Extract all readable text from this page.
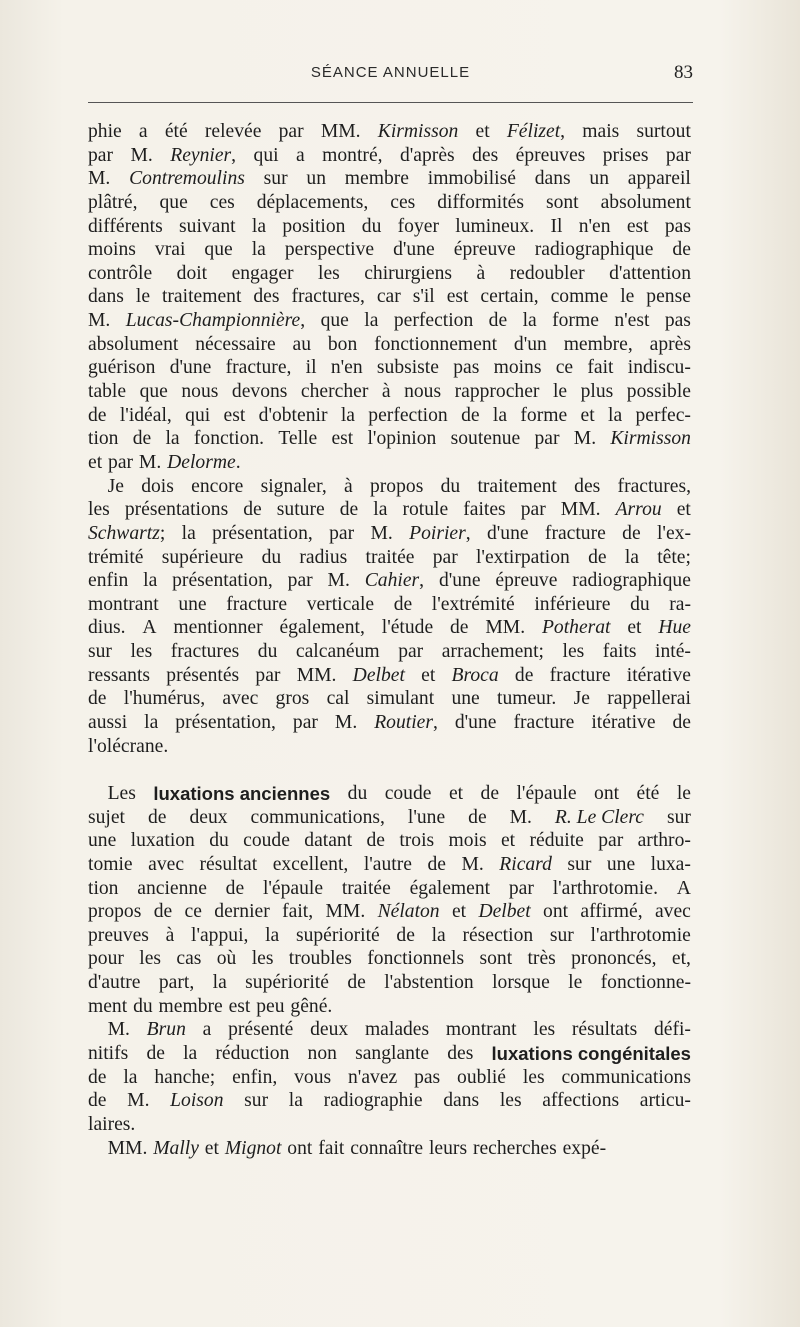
SÉANCE ANNUELLE	83
phie a été relevée par MM. Kirmisson et Félizet, mais surtout
par M. Reynier, qui a montré, d'après des épreuves prises par
M. Contremoulins sur un membre immobilisé dans un appareil
plâtré, que ces déplacements, ces difformités sont absolument
différents suivant la position du foyer lumineux. Il n'en est pas
moins vrai que la perspective d'une épreuve radiographique de
contrôle doit engager les chirurgiens à redoubler d'attention
dans le traitement des fractures, car s'il est certain, comme le pense
M. Lucas-Championnière, que la perfection de la forme n'est pas
absolument nécessaire au bon fonctionnement d'un membre, après
guérison d'une fracture, il n'en subsiste pas moins ce fait indiscu-
table que nous devons chercher à nous rapprocher le plus possible
de l'idéal, qui est d'obtenir la perfection de la forme et la perfec-
tion de la fonction. Telle est l'opinion soutenue par M. Kirmisson
et par M. Delorme.
Je dois encore signaler, à propos du traitement des fractures,
les présentations de suture de la rotule faites par MM. Arrou et
Schwartz; la présentation, par M. Poirier, d'une fracture de l'ex-
trémité supérieure du radius traitée par l'extirpation de la tête;
enfin la présentation, par M. Cahier, d'une épreuve radiographique
montrant une fracture verticale de l'extrémité inférieure du ra-
dius. A mentionner également, l'étude de MM. Potherat et Hue
sur les fractures du calcanéum par arrachement; les faits inté-
ressants présentés par MM. Delbet et Broca de fracture itérative
de l'humérus, avec gros cal simulant une tumeur. Je rappellerai
aussi la présentation, par M. Routier, d'une fracture itérative de
l'olécrane.
Les luxations anciennes du coude et de l'épaule ont été le
sujet de deux communications, l'une de M. R. Le Clerc sur
une luxation du coude datant de trois mois et réduite par arthro-
tomie avec résultat excellent, l'autre de M. Ricard sur une luxa-
tion ancienne de l'épaule traitée également par l'arthrotomie. A
propos de ce dernier fait, MM. Nélaton et Delbet ont affirmé, avec
preuves à l'appui, la supériorité de la résection sur l'arthrotomie
pour les cas où les troubles fonctionnels sont très prononcés, et,
d'autre part, la supériorité de l'abstention lorsque le fonctionne-
ment du membre est peu gêné.
M. Brun a présenté deux malades montrant les résultats défi-
nitifs de la réduction non sanglante des luxations congénitales
de la hanche; enfin, vous n'avez pas oublié les communications
de M. Loison sur la radiographie dans les affections articu-
laires.
MM. Mally et Mignot ont fait connaître leurs recherches expé-
